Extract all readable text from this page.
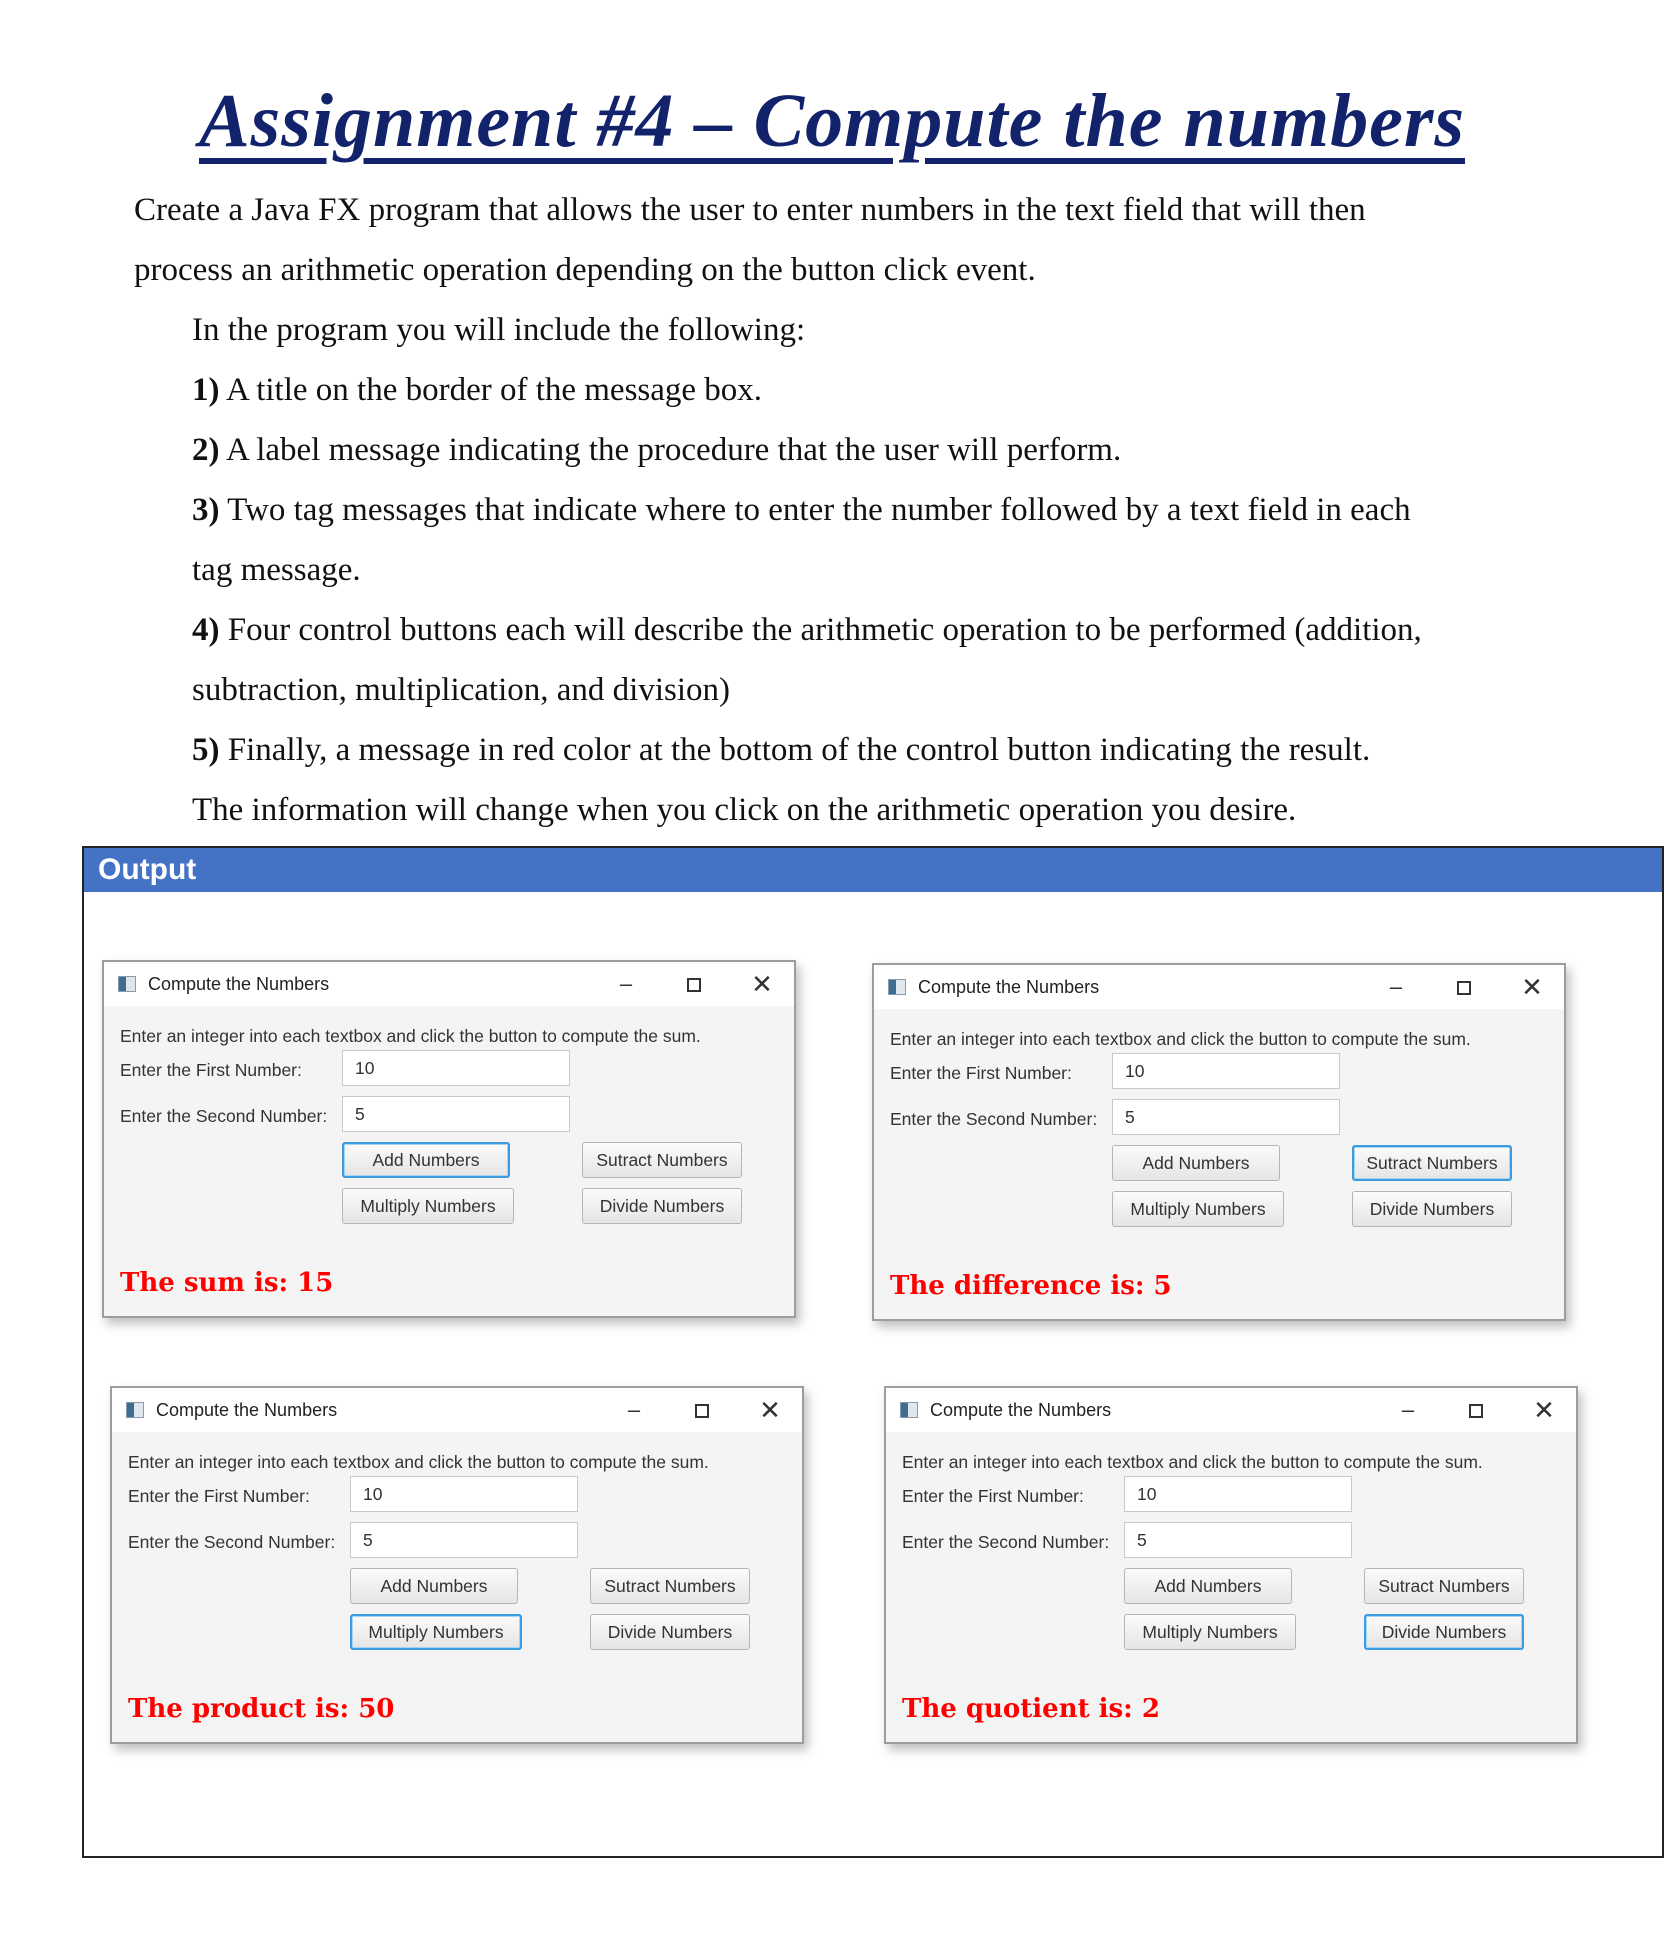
Assignment #4 – Compute the numbers
Create a Java FX program that allows the user to enter numbers in the text field that will then
process an arithmetic operation depending on the button click event.
In the program you will include the following:
1) A title on the border of the message box.
2) A label message indicating the procedure that the user will perform.
3) Two tag messages that indicate where to enter the number followed by a text field in each
tag message.
4) Four control buttons each will describe the arithmetic operation to be performed (addition,
subtraction, multiplication, and division)
5) Finally, a message in red color at the bottom of the control button indicating the result.
The information will change when you click on the arithmetic operation you desire.
Output
Compute the Numbers	–	✕
Enter an integer into each textbox and click the button to compute the sum.
Enter the First Number:	10
Enter the Second Number:	5
Add Numbers	Sutract Numbers
Multiply Numbers	Divide Numbers
The sum is: 15
Compute the Numbers	–	✕
Enter an integer into each textbox and click the button to compute the sum.
Enter the First Number:	10
Enter the Second Number:	5
Add Numbers	Sutract Numbers
Multiply Numbers	Divide Numbers
The difference is: 5
Compute the Numbers	–	✕
Enter an integer into each textbox and click the button to compute the sum.
Enter the First Number:	10
Enter the Second Number:	5
Add Numbers	Sutract Numbers
Multiply Numbers	Divide Numbers
The product is: 50
Compute the Numbers	–	✕
Enter an integer into each textbox and click the button to compute the sum.
Enter the First Number:	10
Enter the Second Number:	5
Add Numbers	Sutract Numbers
Multiply Numbers	Divide Numbers
The quotient is: 2
